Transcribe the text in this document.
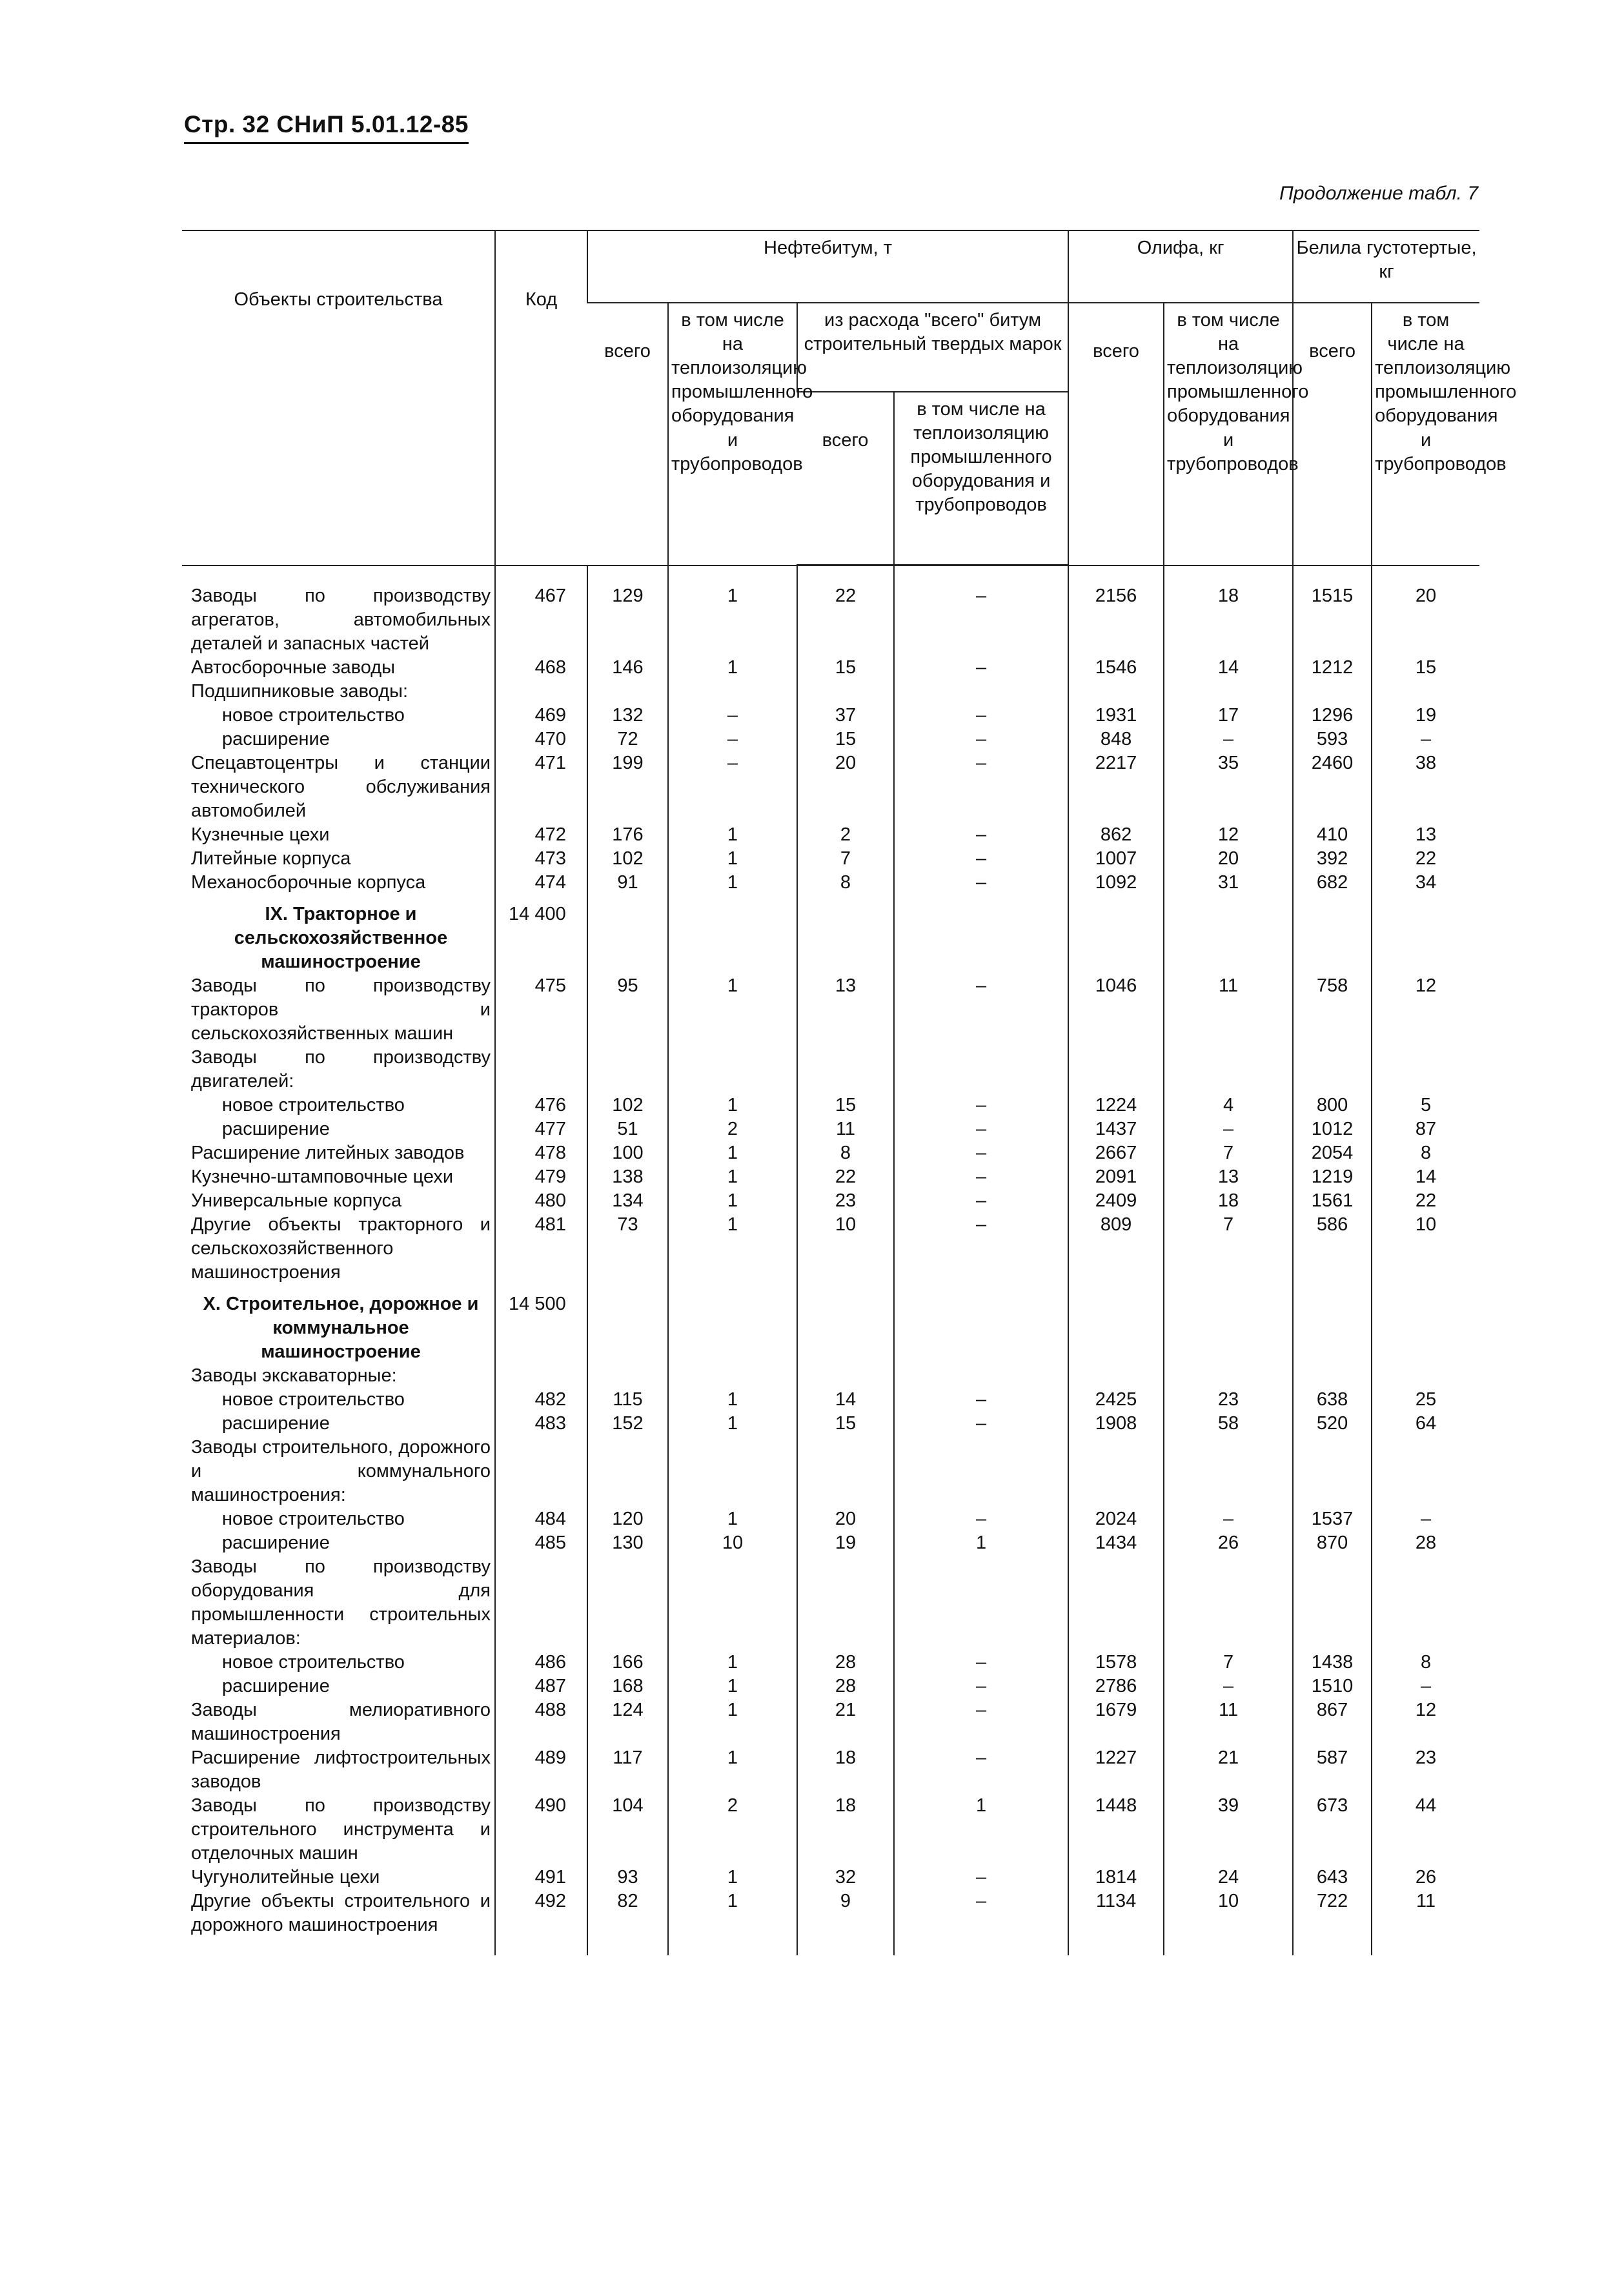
Стр. 32 СНиП 5.01.12-85
Продолжение табл. 7
Объекты строительства	Код	Нефтебитум, т				Олифа, кг		Белила густотертые, кг	
		всего	в том числе на теплоизоляцию промышленного оборудования и трубопроводов	из расхода "всего" битум строительный твердых марок		всего	в том числе на теплоизоляцию промышленного оборудования и трубопроводов	всего	в том числе на теплоизоляцию промышленного оборудования и трубопроводов
				всего	в том числе на теплоизоляцию промышленного оборудования и трубопроводов				

Заводы по производству агрегатов, автомобильных деталей и запасных частей	467	129	1	22	–	2156	18	1515	20
Автосборочные заводы	468	146	1	15	–	1546	14	1212	15
Подшипниковые заводы:									
новое строительство	469	132	–	37	–	1931	17	1296	19
расширение	470	72	–	15	–	848	–	593	–
Спецавтоцентры и станции технического обслуживания автомобилей	471	199	–	20	–	2217	35	2460	38
Кузнечные цехи	472	176	1	2	–	862	12	410	13
Литейные корпуса	473	102	1	7	–	1007	20	392	22
Механосборочные корпуса	474	91	1	8	–	1092	31	682	34
IX. Тракторное и сельскохозяйственное машиностроение	14 400								
Заводы по производству тракторов и сельскохозяйственных машин	475	95	1	13	–	1046	11	758	12
Заводы по производству двигателей:									
новое строительство	476	102	1	15	–	1224	4	800	5
расширение	477	51	2	11	–	1437	–	1012	87
Расширение литейных заводов	478	100	1	8	–	2667	7	2054	8
Кузнечно-штамповочные цехи	479	138	1	22	–	2091	13	1219	14
Универсальные корпуса	480	134	1	23	–	2409	18	1561	22
Другие объекты тракторного и сельскохозяйственного машиностроения	481	73	1	10	–	809	7	586	10
X. Строительное, дорожное и коммунальное машиностроение	14 500								
Заводы экскаваторные:									
новое строительство	482	115	1	14	–	2425	23	638	25
расширение	483	152	1	15	–	1908	58	520	64
Заводы строительного, дорожного и коммунального машиностроения:									
новое строительство	484	120	1	20	–	2024	–	1537	–
расширение	485	130	10	19	1	1434	26	870	28
Заводы по производству оборудования для промышленности строительных материалов:									
новое строительство	486	166	1	28	–	1578	7	1438	8
расширение	487	168	1	28	–	2786	–	1510	–
Заводы мелиоративного машиностроения	488	124	1	21	–	1679	11	867	12
Расширение лифтостроительных заводов	489	117	1	18	–	1227	21	587	23
Заводы по производству строительного инструмента и отделочных машин	490	104	2	18	1	1448	39	673	44
Чугунолитейные цехи	491	93	1	32	–	1814	24	643	26
Другие объекты строительного и дорожного машиностроения	492	82	1	9	–	1134	10	722	11
